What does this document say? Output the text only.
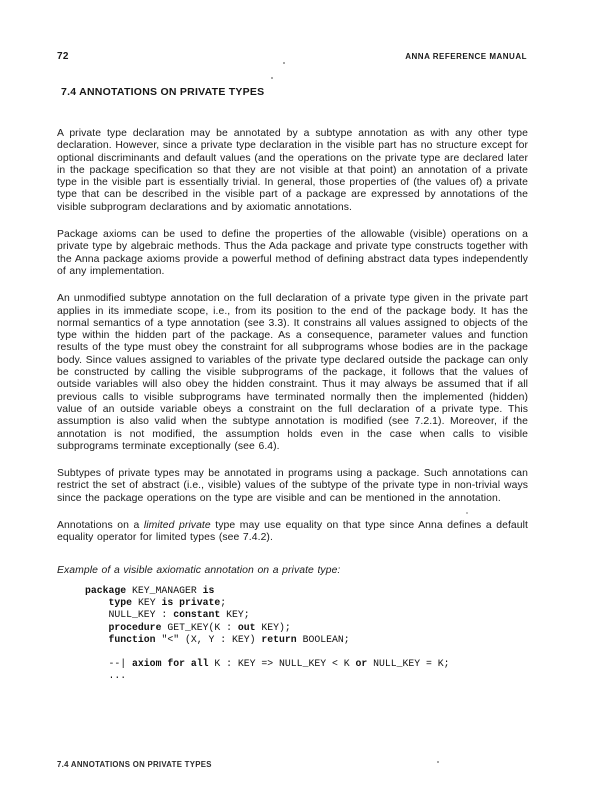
72	ANNA REFERENCE MANUAL
7.4 ANNOTATIONS ON PRIVATE TYPES

A private type declaration may be annotated by a subtype annotation as with any other type declaration. However, since a private type declaration in the visible part has no structure except for optional discriminants and default values (and the operations on the private type are declared later in the package specification so that they are not visible at that point) an annotation of a private type in the visible part is essentially trivial. In general, those properties of (the values of) a private type that can be described in the visible part of a package are expressed by annotations of the visible subprogram declarations and by axiomatic annotations.

Package axioms can be used to define the properties of the allowable (visible) operations on a private type by algebraic methods. Thus the Ada package and private type constructs together with the Anna package axioms provide a powerful method of defining abstract data types independently of any implementation.

An unmodified subtype annotation on the full declaration of a private type given in the private part applies in its immediate scope, i.e., from its position to the end of the package body. It has the normal semantics of a type annotation (see 3.3). It constrains all values assigned to objects of the type within the hidden part of the package. As a consequence, parameter values and function results of the type must obey the constraint for all subprograms whose bodies are in the package body. Since values assigned to variables of the private type declared outside the package can only be constructed by calling the visible subprograms of the package, it follows that the values of outside variables will also obey the hidden constraint. Thus it may always be assumed that if all previous calls to visible subprograms have terminated normally then the implemented (hidden) value of an outside variable obeys a constraint on the full declaration of a private type. This assumption is also valid when the subtype annotation is modified (see 7.2.1). Moreover, if the annotation is not modified, the assumption holds even in the case when calls to visible subprograms terminate exceptionally (see 6.4).

Subtypes of private types may be annotated in programs using a package. Such annotations can restrict the set of abstract (i.e., visible) values of the subtype of the private type in non-trivial ways since the package operations on the type are visible and can be mentioned in the annotation.

Annotations on a limited private type may use equality on that type since Anna defines a default equality operator for limited types (see 7.4.2).

Example of a visible axiomatic annotation on a private type:

package KEY_MANAGER is
type KEY is private;
NULL_KEY : constant KEY;
procedure GET_KEY(K : out KEY);
function "<" (X, Y : KEY) return BOOLEAN;

--| axiom for all K : KEY => NULL_KEY < K or NULL_KEY = K;
...
7.4 ANNOTATIONS ON PRIVATE TYPES
